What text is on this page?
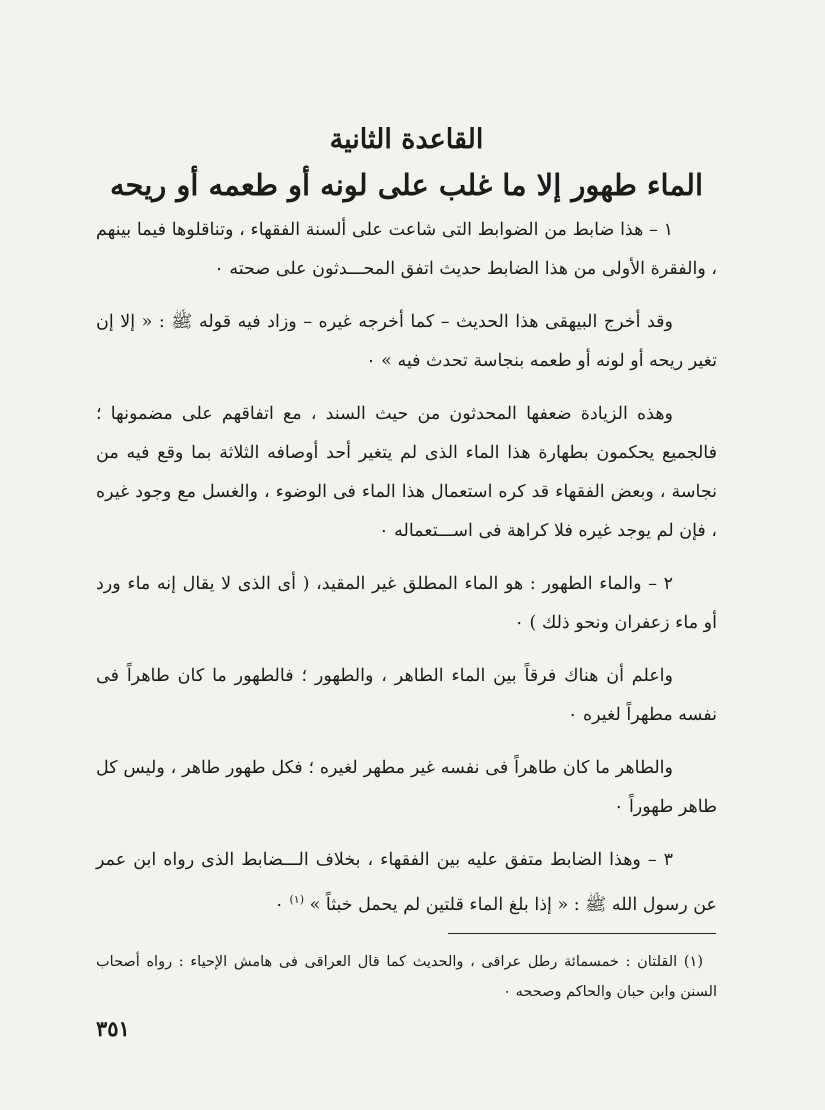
القاعدة الثانية
الماء طهور إلا ما غلب على لونه أو طعمه أو ريحه

١ – هذا ضابط من الضوابط التى شاعت على ألسنة الفقهاء ، وتناقلوها فيما بينهم ، والفقرة الأولى من هذا الضابط حديث اتفق المحـــدثون على صحته ٠

وقد أخرج البيهقى هذا الحديث – كما أخرجه غيره – وزاد فيه قوله ﷺ : « إلا إن تغير ريحه أو لونه أو طعمه بنجاسة تحدث فيه » ٠

وهذه الزيادة ضعفها المحدثون من حيث السند ، مع اتفاقهم على مضمونها ؛ فالجميع يحكمون بطهارة هذا الماء الذى لم يتغير أحد أوصافه الثلاثة بما وقع فيه من نجاسة ، وبعض الفقهاء قد كره استعمال هذا الماء فى الوضوء ، والغسل مع وجود غيره ، فإن لم يوجد غيره فلا كراهة فى اســـتعماله ٠

٢ – والماء الطهور : هو الماء المطلق غير المقيد، ( أى الذى لا يقال إنه ماء ورد أو ماء زعفران ونحو ذلك ) ٠

واعلم أن هناك فرقاً بين الماء الطاهر ، والطهور ؛ فالطهور ما كان طاهراً فى نفسه مطهراً لغيره ٠

والطاهر ما كان طاهراً فى نفسه غير مطهر لغيره ؛ فكل طهور طاهر ، وليس كل طاهر طهوراً ٠

٣ – وهذا الضابط متفق عليه بين الفقهاء ، بخلاف الـــضابط الذى رواه ابن عمر عن رسول الله ﷺ : « إذا بلغ الماء قلتين لم يحمل خبثاً » $^{(١)}$ ٠

(١) القلتان : خمسمائة رطل عراقى ، والحديث كما قال العراقى فى هامش الإحياء : رواه أصحاب السنن وابن حبان والحاكم وصححه ٠

٣٥١
